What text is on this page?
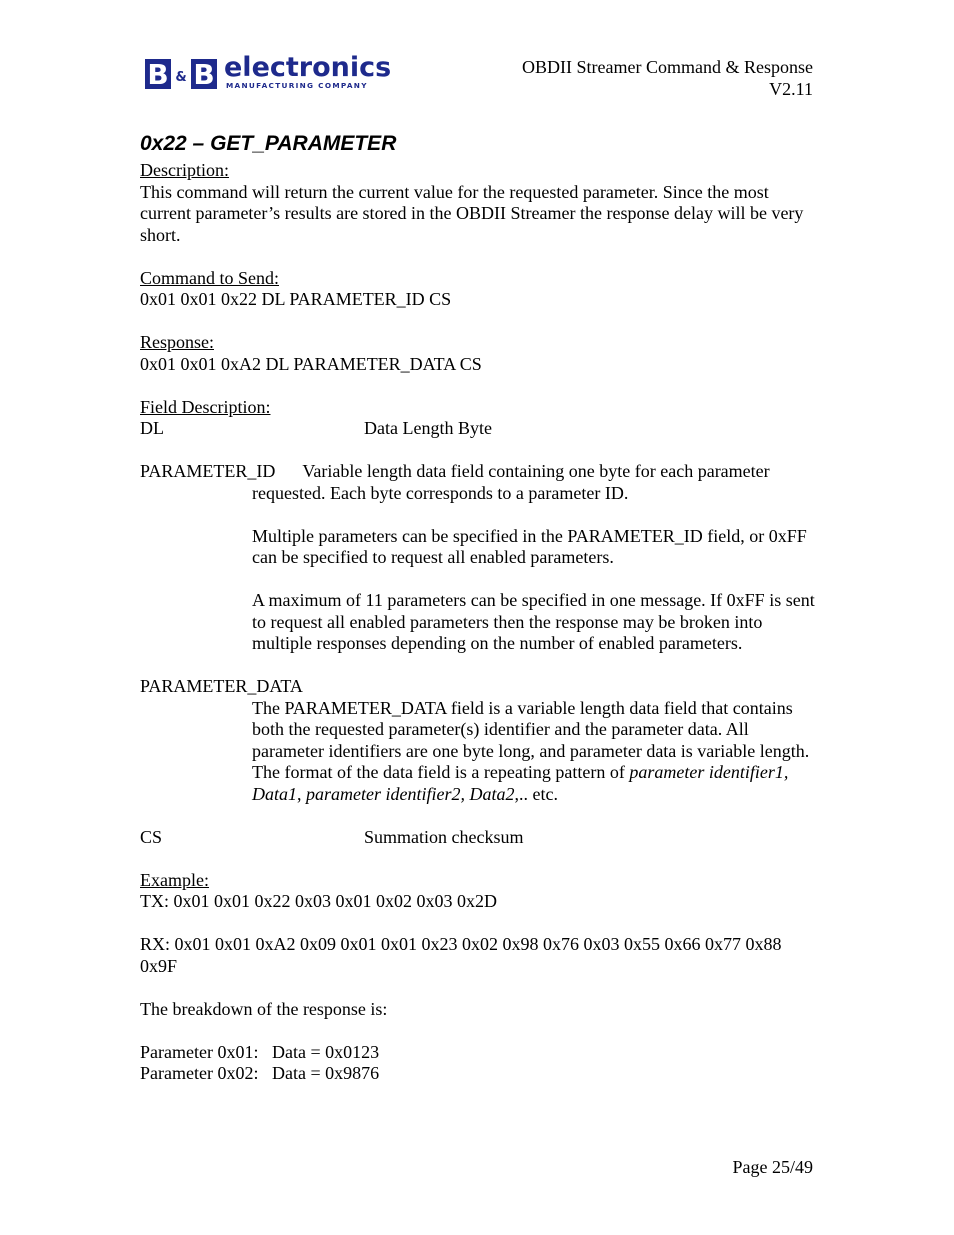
B & B electronics
MANUFACTURING COMPANY
OBDII Streamer Command & Response
V2.11
0x22 – GET_PARAMETER

Description:

This command will return the current value for the requested parameter. Since the most current parameter’s results are stored in the OBDII Streamer the response delay will be very short.

Command to Send:

0x01 0x01 0x22 DL PARAMETER_ID CS

Response:

0x01 0x01 0xA2 DL PARAMETER_DATA CS

Field Description:

DL	Data Length Byte

PARAMETER_ID Variable length data field containing one byte for each parameter requested. Each byte corresponds to a parameter ID.

Multiple parameters can be specified in the PARAMETER_ID field, or 0xFF can be specified to request all enabled parameters.

A maximum of 11 parameters can be specified in one message. If 0xFF is sent to request all enabled parameters then the response may be broken into multiple responses depending on the number of enabled parameters.

PARAMETER_DATA

The PARAMETER_DATA field is a variable length data field that contains both the requested parameter(s) identifier and the parameter data. All parameter identifiers are one byte long, and parameter data is variable length. The format of the data field is a repeating pattern of parameter identifier1, Data1, parameter identifier2, Data2,.. etc.

CS	Summation checksum

Example:

TX: 0x01 0x01 0x22 0x03 0x01 0x02 0x03 0x2D

RX: 0x01 0x01 0xA2 0x09 0x01 0x01 0x23 0x02 0x98 0x76 0x03 0x55 0x66 0x77 0x88 0x9F

The breakdown of the response is:

Parameter 0x01:   Data = 0x0123

Parameter 0x02:   Data = 0x9876

Page 25/49
